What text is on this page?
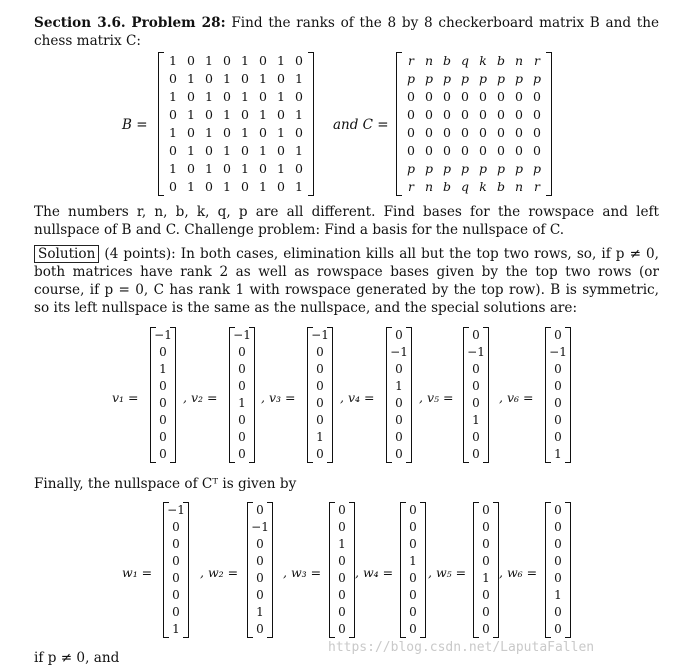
Section 3.6. Problem 28: Find the ranks of the 8 by 8 checkerboard matrix B and the chess matrix C:
B =
1	0	1	0	1	0	1	0
0	1	0	1	0	1	0	1
1	0	1	0	1	0	1	0
0	1	0	1	0	1	0	1
1	0	1	0	1	0	1	0
0	1	0	1	0	1	0	1
1	0	1	0	1	0	1	0
0	1	0	1	0	1	0	1
and C =
r	n	b	q	k	b	n	r
p	p	p	p	p	p	p	p
0	0	0	0	0	0	0	0
0	0	0	0	0	0	0	0
0	0	0	0	0	0	0	0
0	0	0	0	0	0	0	0
p	p	p	p	p	p	p	p
r	n	b	q	k	b	n	r
The numbers r, n, b, k, q, p are all different. Find bases for the rowspace and left nullspace of B and C. Challenge problem: Find a basis for the nullspace of C.
Solution (4 points): In both cases, elimination kills all but the top two rows, so, if p ≠ 0, both matrices have rank 2 as well as rowspace bases given by the top two rows (or course, if p = 0, C has rank 1 with rowspace generated by the top row). B is symmetric, so its left nullspace is the same as the nullspace, and the special solutions are:
v₁ =
−1
0
1
0
0
0
0
0
, v₂ =
−1
0
0
0
1
0
0
0
, v₃ =
−1
0
0
0
0
0
1
0
, v₄ =
0
−1
0
1
0
0
0
0
, v₅ =
0
−1
0
0
0
1
0
0
, v₆ =
0
−1
0
0
0
0
0
1
Finally, the nullspace of Cᵀ is given by
w₁ =
−1
0
0
0
0
0
0
1
, w₂ =
0
−1
0
0
0
0
1
0
, w₃ =
0
0
1
0
0
0
0
0
, w₄ =
0
0
0
1
0
0
0
0
, w₅ =
0
0
0
0
1
0
0
0
, w₆ =
0
0
0
0
0
1
0
0
if p ≠ 0, and
https://blog.csdn.net/LaputaFallen
